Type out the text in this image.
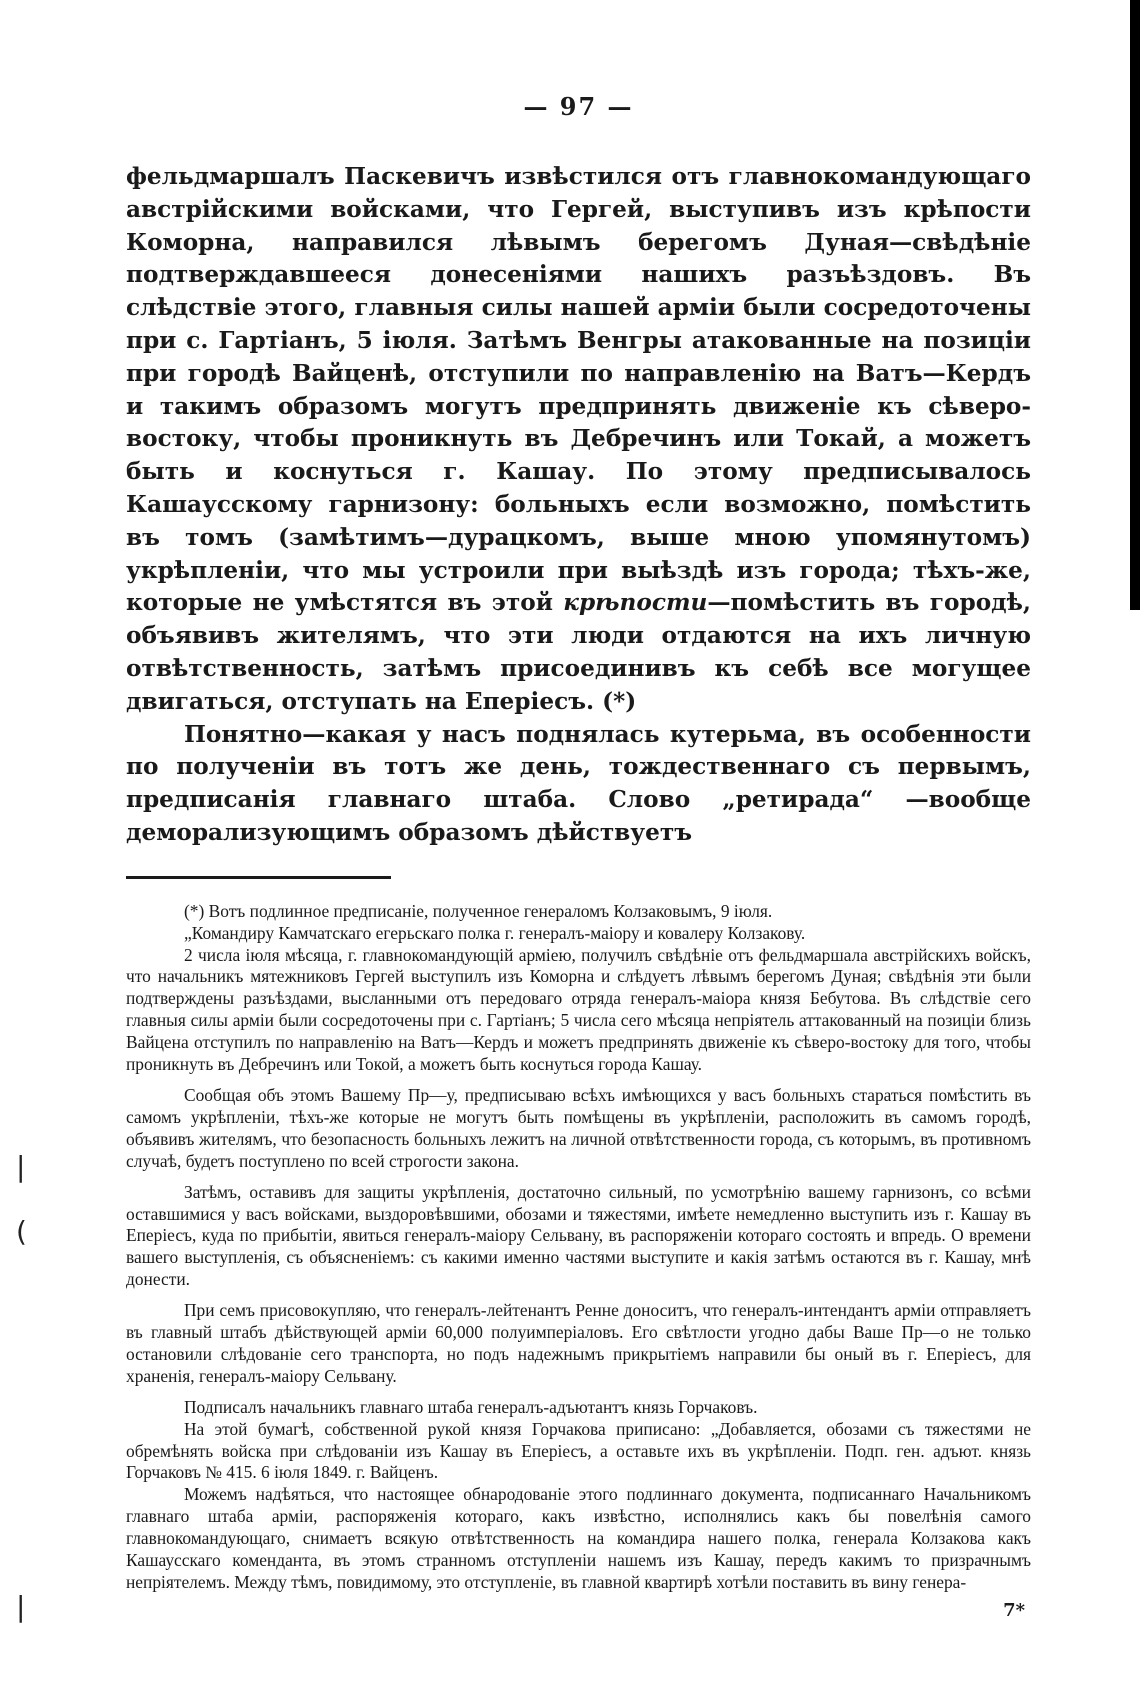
|
(
|
— 97 —

фельдмаршалъ Паскевичъ извѣстился отъ главнокомандующаго австрійскими войсками, что Гергей, выступивъ изъ крѣпости Коморна, направился лѣвымъ берегомъ Дуная—свѣдѣніе подтверждавшееся донесеніями нашихъ разъѣздовъ. Въ слѣдствіе этого, главныя силы нашей арміи были сосредоточены при с. Гартіанъ, 5 іюля. Затѣмъ Венгры атакованные на позиціи при городѣ Вайценѣ, отступили по направленію на Ватъ—Кердъ и такимъ образомъ могутъ предпринять движеніе къ сѣверо-востоку, чтобы проникнуть въ Дебречинъ или Токай, а можетъ быть и коснуться г. Кашау. По этому предписывалось Кашаусскому гарнизону: больныхъ если возможно, помѣстить въ томъ (замѣтимъ—дурацкомъ, выше мною упомянутомъ) укрѣпленіи, что мы устроили при выѣздѣ изъ города; тѣхъ-же, которые не умѣстятся въ этой крѣпости—помѣстить въ городѣ, объявивъ жителямъ, что эти люди отдаются на ихъ личную отвѣтственность, затѣмъ присоединивъ къ себѣ все могущее двигаться, отступать на Еперіесъ. (*)

Понятно—какая у насъ поднялась кутерьма, въ особенности по полученіи въ тотъ же день, тождественнаго съ первымъ, предписанія главнаго штаба. Слово „ретирада“ —вообще деморализующимъ образомъ дѣйствуетъ

(*) Вотъ подлинное предписаніе, полученное генераломъ Колзаковымъ, 9 іюля.

„Командиру Камчатскаго егерьскаго полка г. генералъ-маіору и ковалеру Колзакову.

2 числа іюля мѣсяца, г. главнокомандующій арміею, получилъ свѣдѣніе отъ фельдмаршала австрійскихъ войскъ, что начальникъ мятежниковъ Гергей выступилъ изъ Коморна и слѣдуетъ лѣвымъ берегомъ Дуная; свѣдѣнія эти были подтверждены разъѣздами, высланными отъ передоваго отряда генералъ-маіора князя Бебутова. Въ слѣдствіе сего главныя силы арміи были сосредоточены при с. Гартіанъ; 5 числа сего мѣсяца непріятель аттакованный на позиціи близь Вайцена отступилъ по направленію на Ватъ—Кердъ и можетъ предпринять движеніе къ сѣверо-востоку для того, чтобы проникнуть въ Дебречинъ или Токой, а можетъ быть коснуться города Кашау.

Сообщая объ этомъ Вашему Пр—у, предписываю всѣхъ имѣющихся у васъ больныхъ стараться помѣстить въ самомъ укрѣпленіи, тѣхъ-же которые не могутъ быть помѣщены въ укрѣпленіи, расположить въ самомъ городѣ, объявивъ жителямъ, что безопасность больныхъ лежитъ на личной отвѣтственности города, съ которымъ, въ противномъ случаѣ, будетъ поступлено по всей строгости закона.

Затѣмъ, оставивъ для защиты укрѣпленія, достаточно сильный, по усмотрѣнію вашему гарнизонъ, со всѣми оставшимися у васъ войсками, выздоровѣвшими, обозами и тяжестями, имѣете немедленно выступить изъ г. Кашау въ Еперіесъ, куда по прибытіи, явиться генералъ-маіору Сельвану, въ распоряженіи котораго состоять и впредь. О времени вашего выступленія, съ объясненіемъ: съ какими именно частями выступите и какія затѣмъ остаются въ г. Кашау, мнѣ донести.

При семъ присовокупляю, что генералъ-лейтенантъ Ренне доноситъ, что генералъ-интендантъ арміи отправляетъ въ главный штабъ дѣйствующей арміи 60,000 полуимперіаловъ. Его свѣтлости угодно дабы Ваше Пр—о не только остановили слѣдованіе сего транспорта, но подъ надежнымъ прикрытіемъ направили бы оный въ г. Еперіесъ, для храненія, генералъ-маіору Сельвану.

Подписалъ начальникъ главнаго штаба генералъ-адъютантъ князь Горчаковъ.

На этой бумагѣ, собственной рукой князя Горчакова приписано: „Добавляется, обозами съ тяжестями не обремѣнять войска при слѣдованіи изъ Кашау въ Еперіесъ, а оставьте ихъ въ укрѣпленіи. Подп. ген. адъют. князь Горчаковъ № 415. 6 іюля 1849. г. Вайценъ.

Можемъ надѣяться, что настоящее обнародованіе этого подлиннаго документа, подписаннаго Начальникомъ главнаго штаба арміи, распоряженія котораго, какъ извѣстно, исполнялись какъ бы повелѣнія самого главнокомандующаго, снимаетъ всякую отвѣтственность на командира нашего полка, генерала Колзакова какъ Кашаусскаго коменданта, въ этомъ странномъ отступленіи нашемъ изъ Кашау, передъ какимъ то призрачнымъ непріятелемъ. Между тѣмъ, повидимому, это отступленіе, въ главной квартирѣ хотѣли поставить въ вину генера-

7*
